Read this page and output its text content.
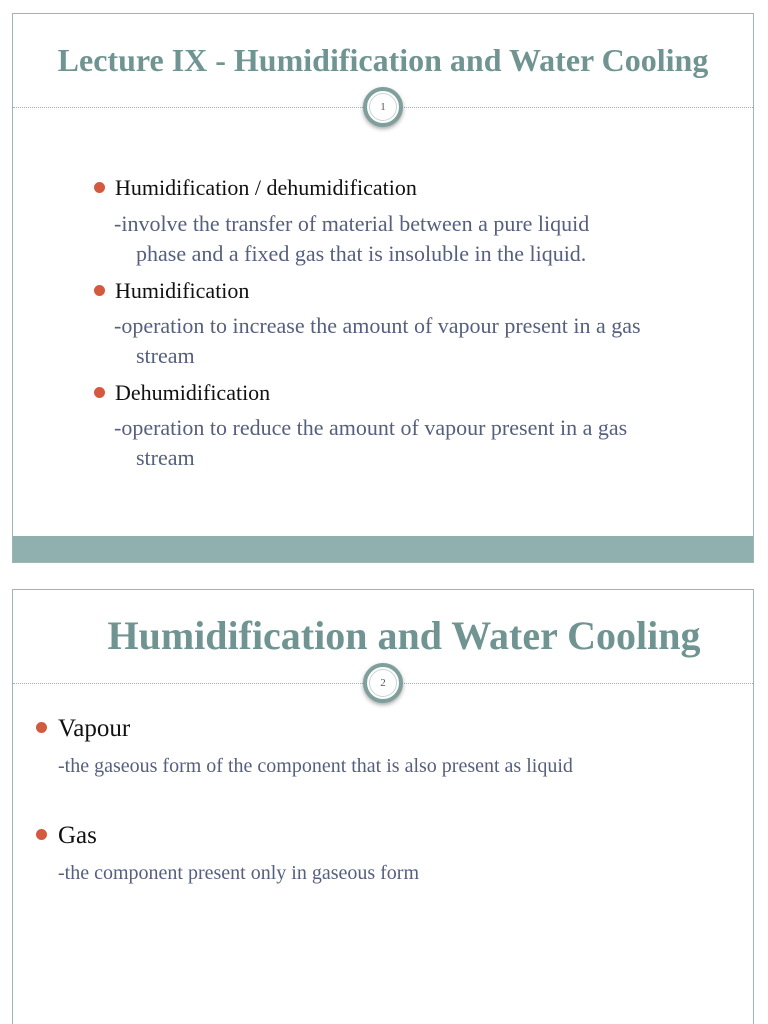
Lecture IX - Humidification and Water Cooling
1
Humidification / dehumidification
-involve the transfer of material between a pure liquid
phase and a fixed gas that is insoluble in the liquid.
Humidification
-operation to increase the amount of vapour present in a gas
stream
Dehumidification
-operation to reduce the amount of vapour present in a gas
stream
Humidification and Water Cooling
2
Vapour
-the gaseous form of the component that is also present as liquid
Gas
-the component present only in gaseous form
